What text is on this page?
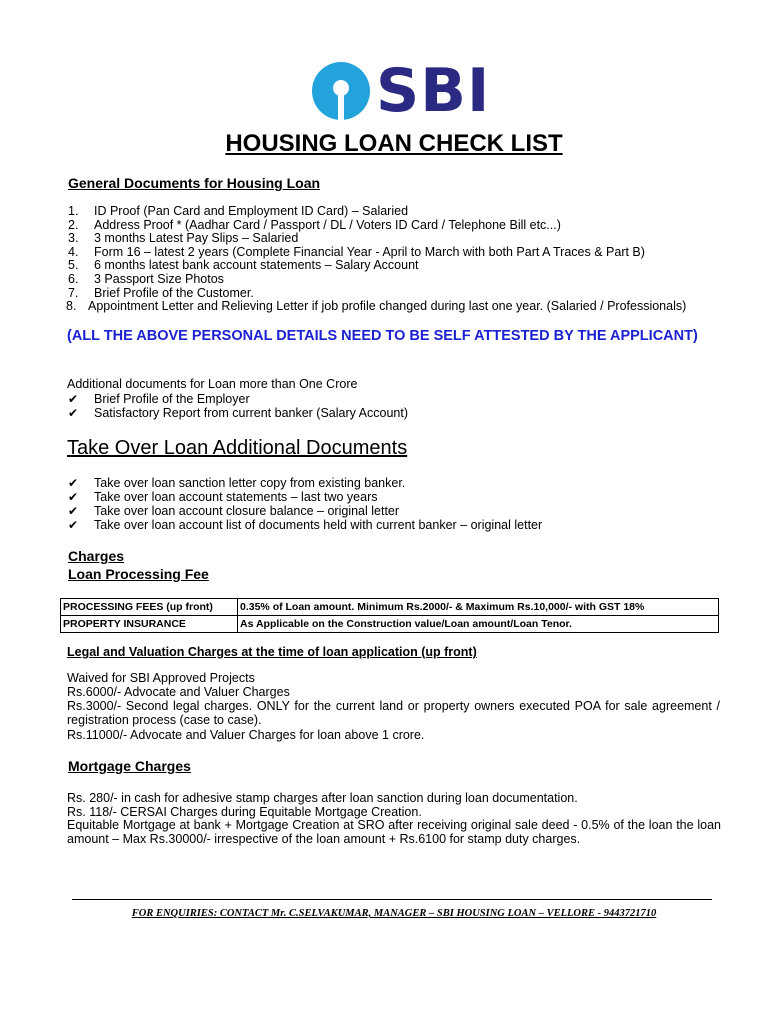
SBI
HOUSING LOAN CHECK LIST
General Documents for Housing Loan
1. ID Proof (Pan Card and Employment ID Card) – Salaried
2. Address Proof * (Aadhar Card / Passport / DL / Voters ID Card / Telephone Bill etc...)
3. 3 months Latest Pay Slips – Salaried
4. Form 16 – latest 2 years (Complete Financial Year - April to March with both Part A Traces & Part B)
5. 6 months latest bank account statements – Salary Account
6. 3 Passport Size Photos
7. Brief Profile of the Customer.
8. Appointment Letter and Relieving Letter if job profile changed during last one year. (Salaried / Professionals)
(ALL THE ABOVE PERSONAL DETAILS NEED TO BE SELF ATTESTED BY THE APPLICANT)
Additional documents for Loan more than One Crore
✔ Brief Profile of the Employer
✔ Satisfactory Report from current banker (Salary Account)
Take Over Loan Additional Documents
✔ Take over loan sanction letter copy from existing banker.
✔ Take over loan account statements – last two years
✔ Take over loan account closure balance – original letter
✔ Take over loan account list of documents held with current banker – original letter
Charges
Loan Processing Fee
PROCESSING FEES (up front)	0.35% of Loan amount. Minimum Rs.2000/- & Maximum Rs.10,000/- with GST 18%
PROPERTY INSURANCE	As Applicable on the Construction value/Loan amount/Loan Tenor.
Legal and Valuation Charges at the time of loan application (up front)
Waived for SBI Approved Projects
Rs.6000/- Advocate and Valuer Charges
Rs.3000/- Second legal charges. ONLY for the current land or property owners executed POA for sale agreement / registration process (case to case).
Rs.11000/- Advocate and Valuer Charges for loan above 1 crore.
Mortgage Charges
Rs. 280/- in cash for adhesive stamp charges after loan sanction during loan documentation.
Rs. 118/- CERSAI Charges during Equitable Mortgage Creation.
Equitable Mortgage at bank + Mortgage Creation at SRO after receiving original sale deed - 0.5% of the loan the loan amount – Max Rs.30000/- irrespective of the loan amount + Rs.6100 for stamp duty charges.
FOR ENQUIRIES: CONTACT Mr. C.SELVAKUMAR, MANAGER – SBI HOUSING LOAN – VELLORE - 9443721710
